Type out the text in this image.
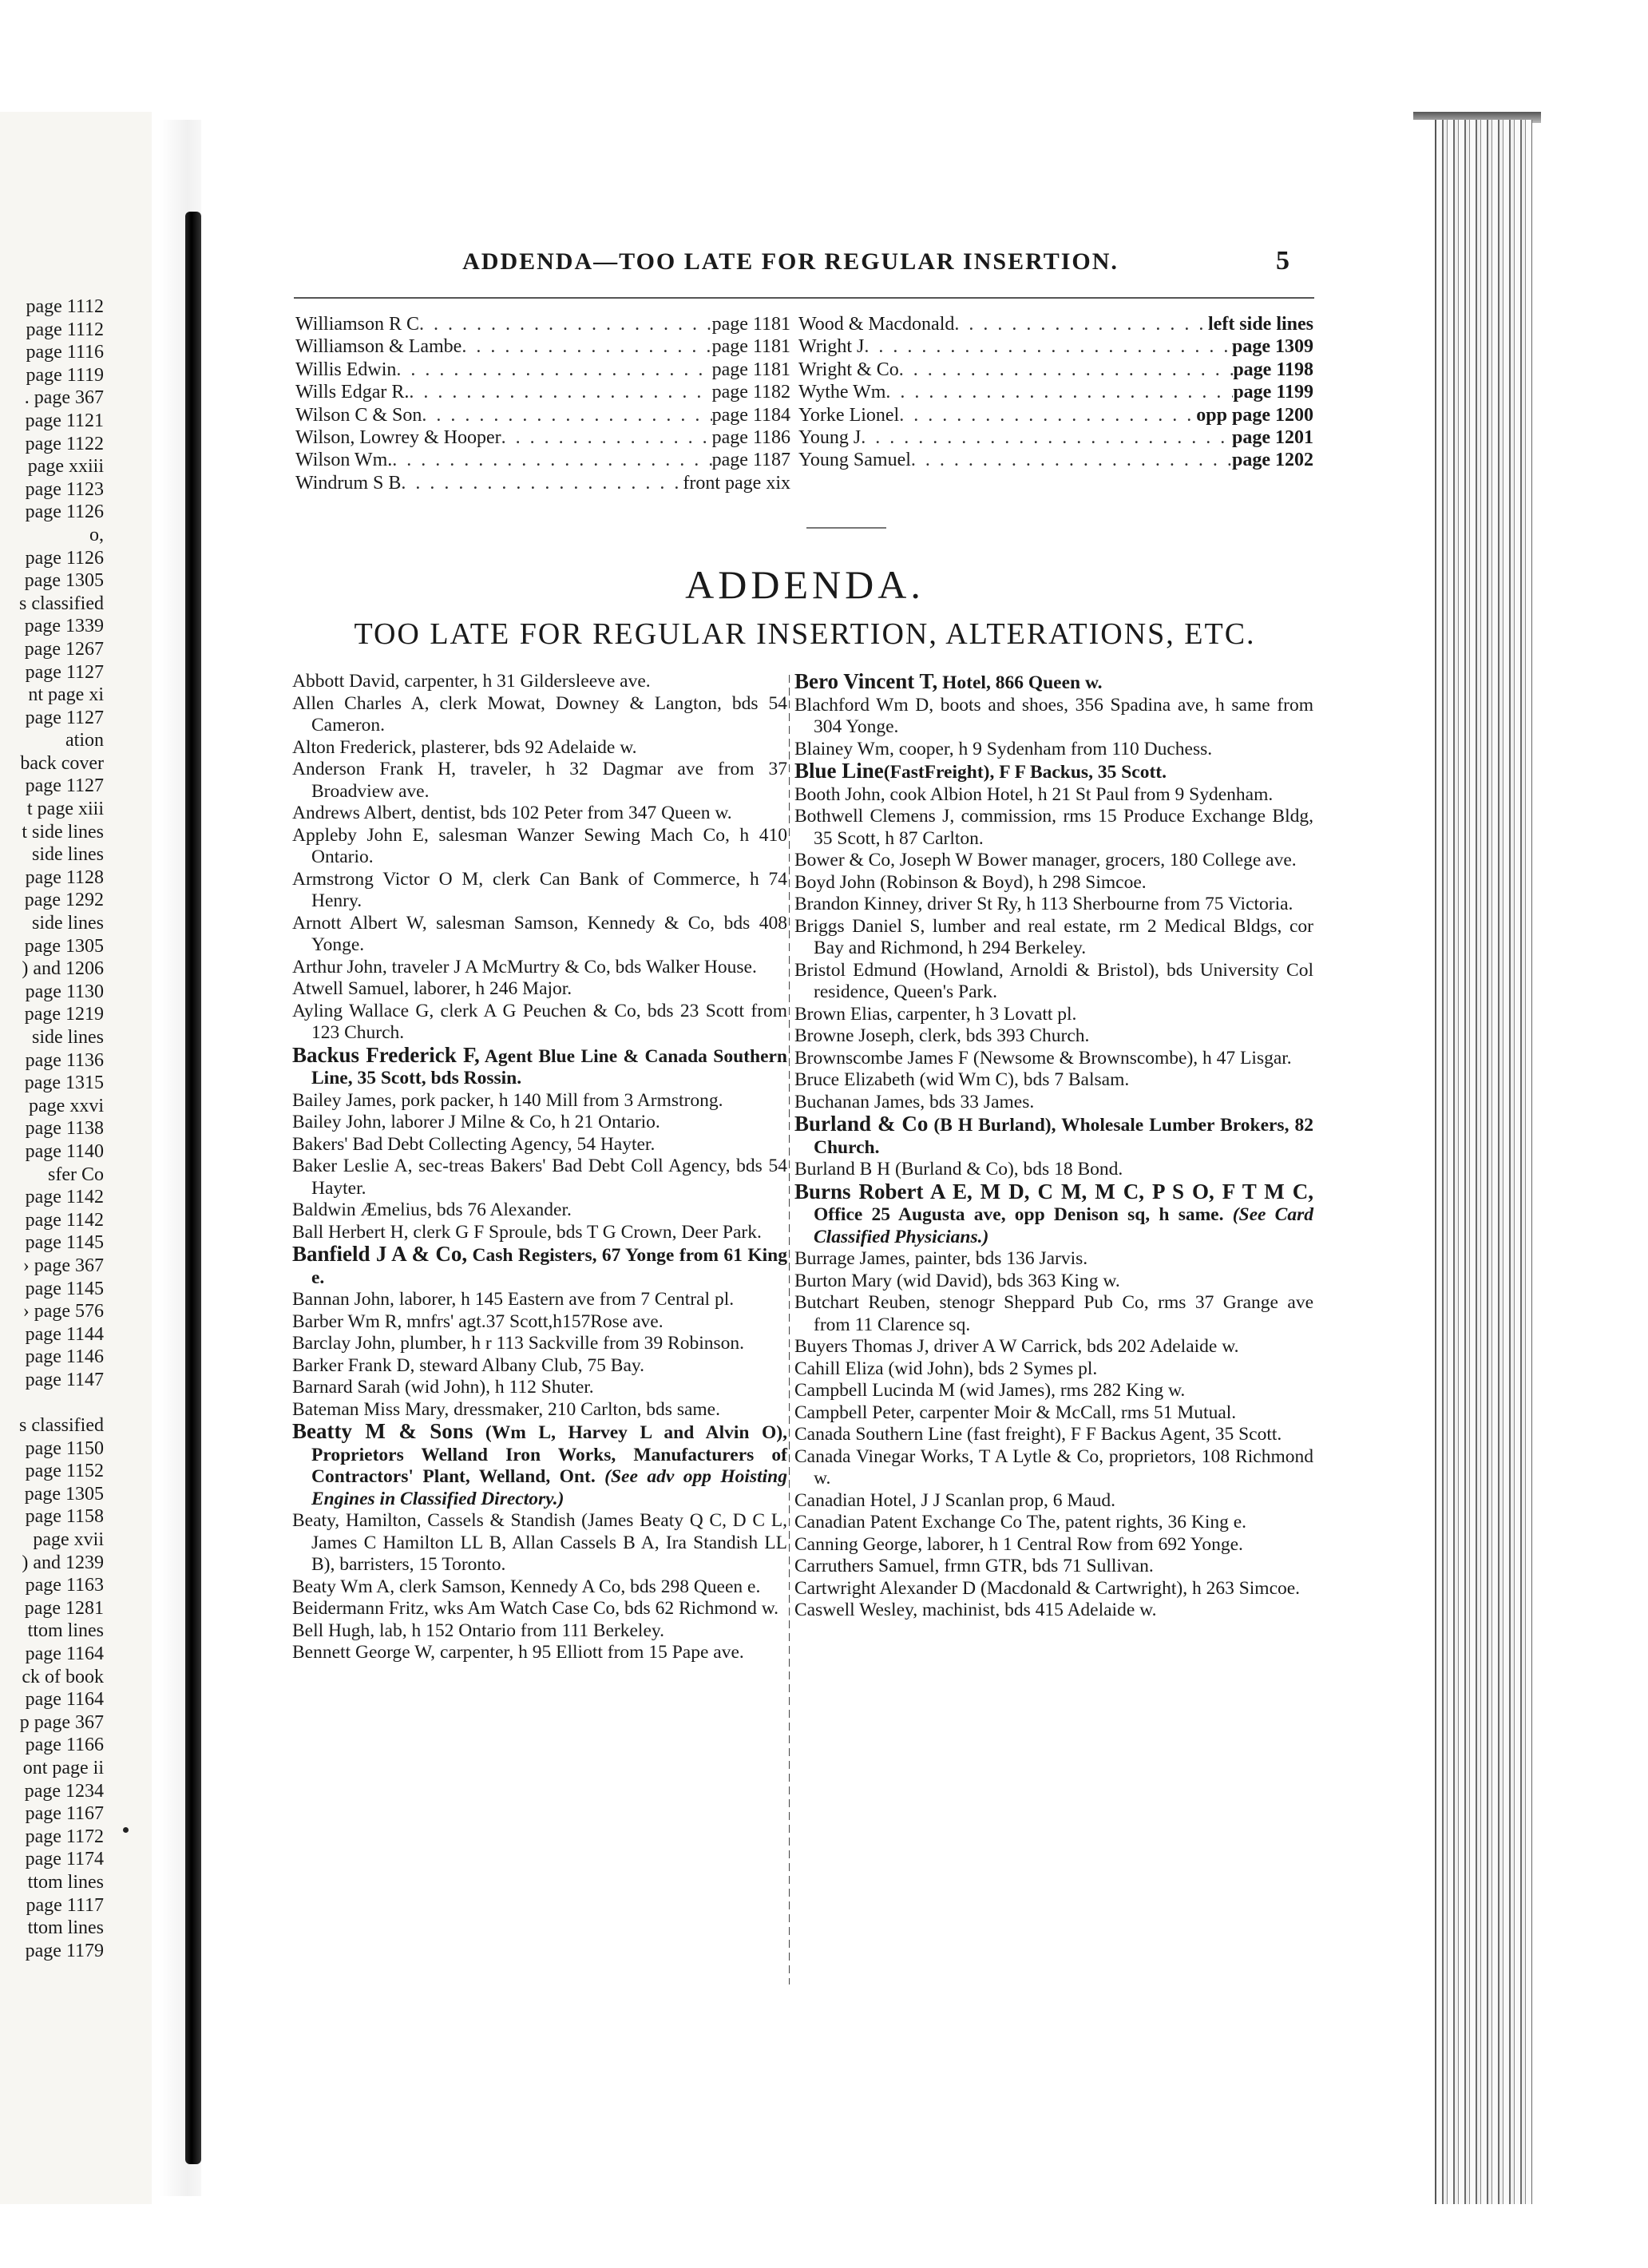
page 1112
page 1112
page 1116
page 1119
. page 367
page 1121
page 1122
page xxiii
page 1123
page 1126
o,
page 1126
page 1305
s classified
page 1339
page 1267
page 1127
nt page xi
page 1127
ation
back cover
page 1127
t page xiii
t side lines
side lines
page 1128
page 1292
side lines
page 1305
) and 1206
page 1130
page 1219
side lines
page 1136
page 1315
page xxvi
page 1138
page 1140
sfer Co
page 1142
page 1142
page 1145
› page 367
page 1145
› page 576
page 1144
page 1146
page 1147

s classified
page 1150
page 1152
page 1305
page 1158
page xvii
) and 1239
page 1163
page 1281
ttom lines
page 1164
ck of book
page 1164
p page 367
page 1166
ont page ii
page 1234
page 1167
page 1172
page 1174
ttom lines
page 1117
ttom lines
page 1179
ADDENDA—TOO LATE FOR REGULAR INSERTION.	5
Williamson R C . . .	page 1181
Williamson & Lambe . . .	page 1181
Willis Edwin . . .	page 1181
Wills Edgar R. . . .	page 1182
Wilson C & Son . . .	page 1184
Wilson, Lowrey & Hooper . . .	page 1186
Wilson Wm. . . .	page 1187
Windrum S B . . .	front page xix
Wood & Macdonald . . .	left side lines
Wright J . . .	page 1309
Wright & Co . . .	page 1198
Wythe Wm . . .	page 1199
Yorke Lionel . . .	opp page 1200
Young J . . .	page 1201
Young Samuel . . .	page 1202
ADDENDA.
TOO LATE FOR REGULAR INSERTION, ALTERATIONS, ETC.
Abbott David, carpenter, h 31 Gildersleeve ave.
Allen Charles A, clerk Mowat, Downey & Langton, bds 54 Cameron.
Alton Frederick, plasterer, bds 92 Adelaide w.
Anderson Frank H, traveler, h 32 Dagmar ave from 37 Broadview ave.
Andrews Albert, dentist, bds 102 Peter from 347 Queen w.
Appleby John E, salesman Wanzer Sewing Mach Co, h 410 Ontario.
Armstrong Victor O M, clerk Can Bank of Commerce, h 74 Henry.
Arnott Albert W, salesman Samson, Kennedy & Co, bds 408 Yonge.
Arthur John, traveler J A McMurtry & Co, bds Walker House.
Atwell Samuel, laborer, h 246 Major.
Ayling Wallace G, clerk A G Peuchen & Co, bds 23 Scott from 123 Church.
Backus Frederick F, Agent Blue Line & Canada Southern Line, 35 Scott, bds Rossin.
Bailey James, pork packer, h 140 Mill from 3 Armstrong.
Bailey John, laborer J Milne & Co, h 21 Ontario.
Bakers' Bad Debt Collecting Agency, 54 Hayter.
Baker Leslie A, sec-treas Bakers' Bad Debt Coll Agency, bds 54 Hayter.
Baldwin Æmelius, bds 76 Alexander.
Ball Herbert H, clerk G F Sproule, bds T G Crown, Deer Park.
Banfield J A & Co, Cash Registers, 67 Yonge from 61 King e.
Bannan John, laborer, h 145 Eastern ave from 7 Central pl.
Barber Wm R, mnfrs' agt.37 Scott,h157Rose ave.
Barclay John, plumber, h r 113 Sackville from 39 Robinson.
Barker Frank D, steward Albany Club, 75 Bay.
Barnard Sarah (wid John), h 112 Shuter.
Bateman Miss Mary, dressmaker, 210 Carlton, bds same.
Beatty M & Sons (Wm L, Harvey L and Alvin O), Proprietors Welland Iron Works, Manufacturers of Contractors' Plant, Welland, Ont. (See adv opp Hoisting Engines in Classified Directory.)
Beaty, Hamilton, Cassels & Standish (James Beaty Q C, D C L, James C Hamilton LL B, Allan Cassels B A, Ira Standish LL B), barristers, 15 Toronto.
Beaty Wm A, clerk Samson, Kennedy A Co, bds 298 Queen e.
Beidermann Fritz, wks Am Watch Case Co, bds 62 Richmond w.
Bell Hugh, lab, h 152 Ontario from 111 Berkeley.
Bennett George W, carpenter, h 95 Elliott from 15 Pape ave.
Bero Vincent T, Hotel, 866 Queen w.
Blachford Wm D, boots and shoes, 356 Spadina ave, h same from 304 Yonge.
Blainey Wm, cooper, h 9 Sydenham from 110 Duchess.
Blue Line(FastFreight), F F Backus, 35 Scott.
Booth John, cook Albion Hotel, h 21 St Paul from 9 Sydenham.
Bothwell Clemens J, commission, rms 15 Produce Exchange Bldg, 35 Scott, h 87 Carlton.
Bower & Co, Joseph W Bower manager, grocers, 180 College ave.
Boyd John (Robinson & Boyd), h 298 Simcoe.
Brandon Kinney, driver St Ry, h 113 Sherbourne from 75 Victoria.
Briggs Daniel S, lumber and real estate, rm 2 Medical Bldgs, cor Bay and Richmond, h 294 Berkeley.
Bristol Edmund (Howland, Arnoldi & Bristol), bds University Col residence, Queen's Park.
Brown Elias, carpenter, h 3 Lovatt pl.
Browne Joseph, clerk, bds 393 Church.
Brownscombe James F (Newsome & Brownscombe), h 47 Lisgar.
Bruce Elizabeth (wid Wm C), bds 7 Balsam.
Buchanan James, bds 33 James.
Burland & Co (B H Burland), Wholesale Lumber Brokers, 82 Church.
Burland B H (Burland & Co), bds 18 Bond.
Burns Robert A E, M D, C M, M C, P S O, F T M C, Office 25 Augusta ave, opp Denison sq, h same. (See Card Classified Physicians.)
Burrage James, painter, bds 136 Jarvis.
Burton Mary (wid David), bds 363 King w.
Butchart Reuben, stenogr Sheppard Pub Co, rms 37 Grange ave from 11 Clarence sq.
Buyers Thomas J, driver A W Carrick, bds 202 Adelaide w.
Cahill Eliza (wid John), bds 2 Symes pl.
Campbell Lucinda M (wid James), rms 282 King w.
Campbell Peter, carpenter Moir & McCall, rms 51 Mutual.
Canada Southern Line (fast freight), F F Backus Agent, 35 Scott.
Canada Vinegar Works, T A Lytle & Co, proprietors, 108 Richmond w.
Canadian Hotel, J J Scanlan prop, 6 Maud.
Canadian Patent Exchange Co The, patent rights, 36 King e.
Canning George, laborer, h 1 Central Row from 692 Yonge.
Carruthers Samuel, frmn GTR, bds 71 Sullivan.
Cartwright Alexander D (Macdonald & Cartwright), h 263 Simcoe.
Caswell Wesley, machinist, bds 415 Adelaide w.
